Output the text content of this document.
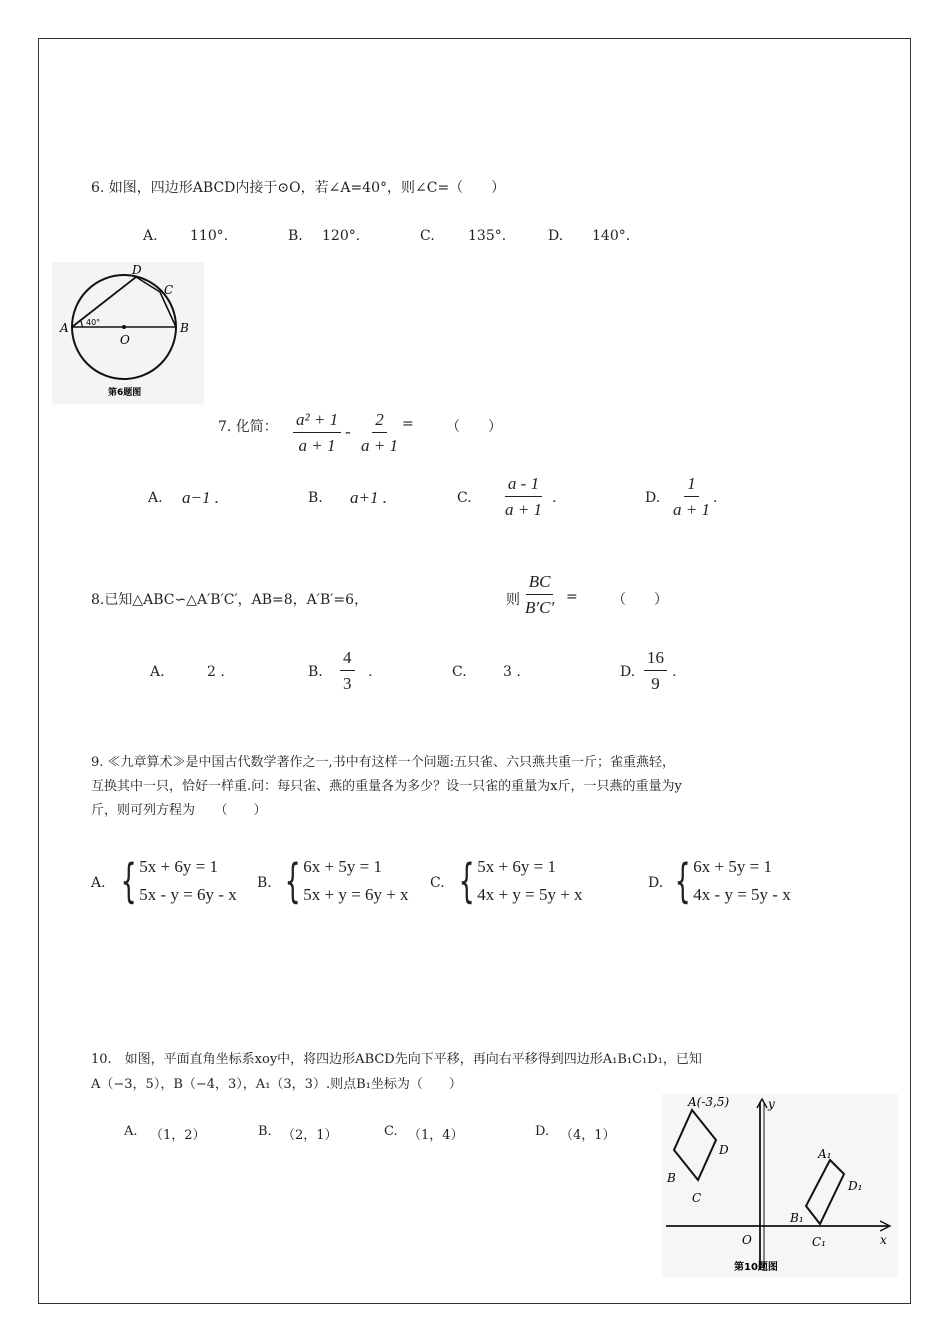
6. 如图，四边形ABCD内接于⊙O，若∠A=40°，则∠C=（　　）
A. 110°.	B. 120°.	C. 135°.	D. 140°.
D
C
A	B
O
40°
第6题图
7. 化简： $\frac{\text{a² + 1}}{a + 1} - \frac{2}{a + 1}$ = （　　）
A. a−1 .	B. a+1 .	C. $\frac{a - 1}{a + 1}$ .	D. $\frac{1}{a + 1}$ .
8.已知△ABC∽△A′B′C′，AB=8，A′B′=6，	则 $\frac{BC}{B'C'}$ = （　　）
A.	2 .	B. $\frac{4}{3}$ .	C.	3 .	D. $\frac{16}{9}$ .
9. ≪九章算术≫是中国古代数学著作之一,书中有这样一个问题:五只雀、六只燕共重一斤；雀重燕轻，
互换其中一只，恰好一样重.问：每只雀、燕的重量各为多少？设一只雀的重量为x斤，一只燕的重量为y
斤，则可列方程为　　（　　）
A. { 5x + 6y = 1
5x - y = 6y - x
B. { 6x + 5y = 1
5x + y = 6y + x
C. { 5x + 6y = 1
4x + y = 5y + x
D. { 6x + 5y = 1
4x - y = 5y - x
10.　如图，平面直角坐标系xoy中，将四边形ABCD先向下平移，再向右平移得到四边形A₁B₁C₁D₁，已知
A（−3，5），B（−4，3），A₁（3，3）.则点B₁坐标为（　　）
A. （1，2）	B. （2，1）	C. （1，4）	D. （4，1）
A(-3,5)
B
C
D	A₁
B₁
C₁
D₁
O	x
y
第10题图
